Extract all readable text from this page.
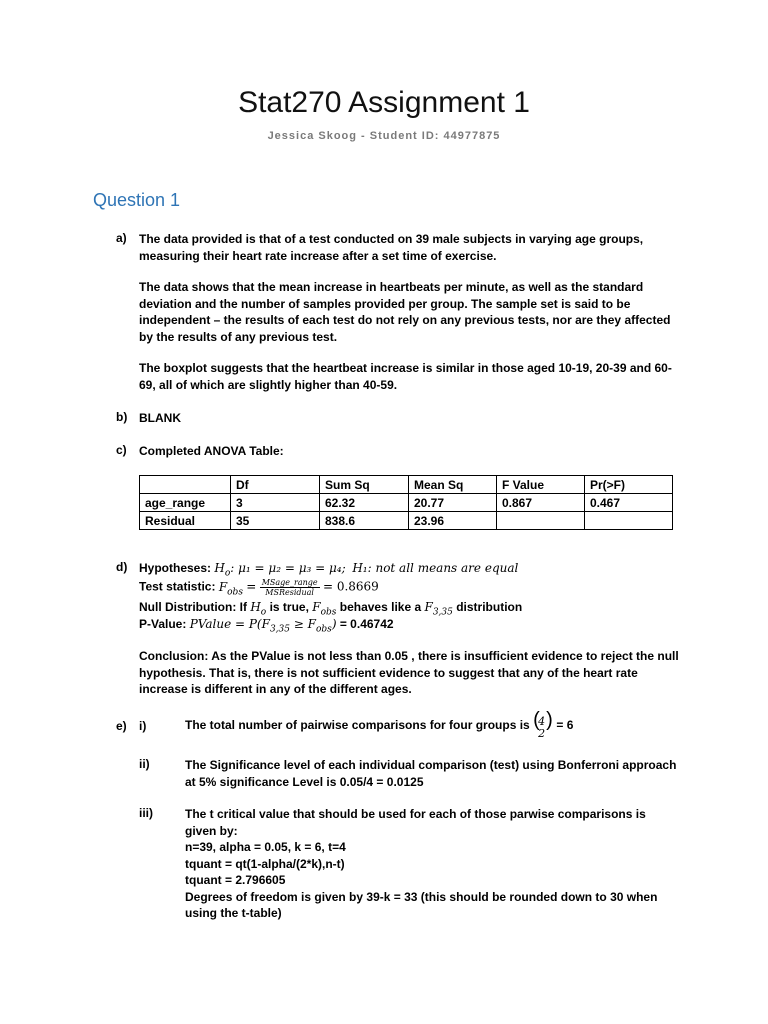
Stat270 Assignment 1
Jessica Skoog - Student ID: 44977875
Question 1
a) The data provided is that of a test conducted on 39 male subjects in varying age groups, measuring their heart rate increase after a set time of exercise.
The data shows that the mean increase in heartbeats per minute, as well as the standard deviation and the number of samples provided per group. The sample set is said to be independent – the results of each test do not rely on any previous tests, nor are they affected by the results of any previous test.
The boxplot suggests that the heartbeat increase is similar in those aged 10-19, 20-39 and 60-69, all of which are slightly higher than 40-59.
b) BLANK
c) Completed ANOVA Table:
	Df	Sum Sq	Mean Sq	F Value	Pr(>F)
age_range	3	62.32	20.77	0.867	0.467
Residual	35	838.6	23.96		
d) Hypotheses: $H_o$: μ₁ = μ₂ = μ₃ = μ₄; H₁: not all means are equal
Test statistic: $F_{obs} = \frac{\text{MSage\_range}}{\text{MSResidual}} = 0.8669$
Null Distribution: If $H_o$ is true, $F_{obs}$ behaves like a $F_{3,35}$ distribution
P-Value: PValue = $P(F_{3,35} \ge F_{obs}) = 0.46742$
Conclusion: As the PValue is not less than 0.05 , there is insufficient evidence to reject the null hypothesis. That is, there is not sufficient evidence to suggest that any of the heart rate increase is different in any of the different ages.
e) i)	The total number of pairwise comparisons for four groups is (
4
2
) = 6
ii)	The Significance level of each individual comparison (test) using Bonferroni approach at 5% significance Level is 0.05/4 = 0.0125
iii)	The t critical value that should be used for each of those parwise comparisons is
given by:
n=39, alpha = 0.05, k = 6, t=4
tquant = qt(1-alpha/(2*k),n-t)
tquant = 2.796605
Degrees of freedom is given by 39-k = 33 (this should be rounded down to 30 when
using the t-table)
